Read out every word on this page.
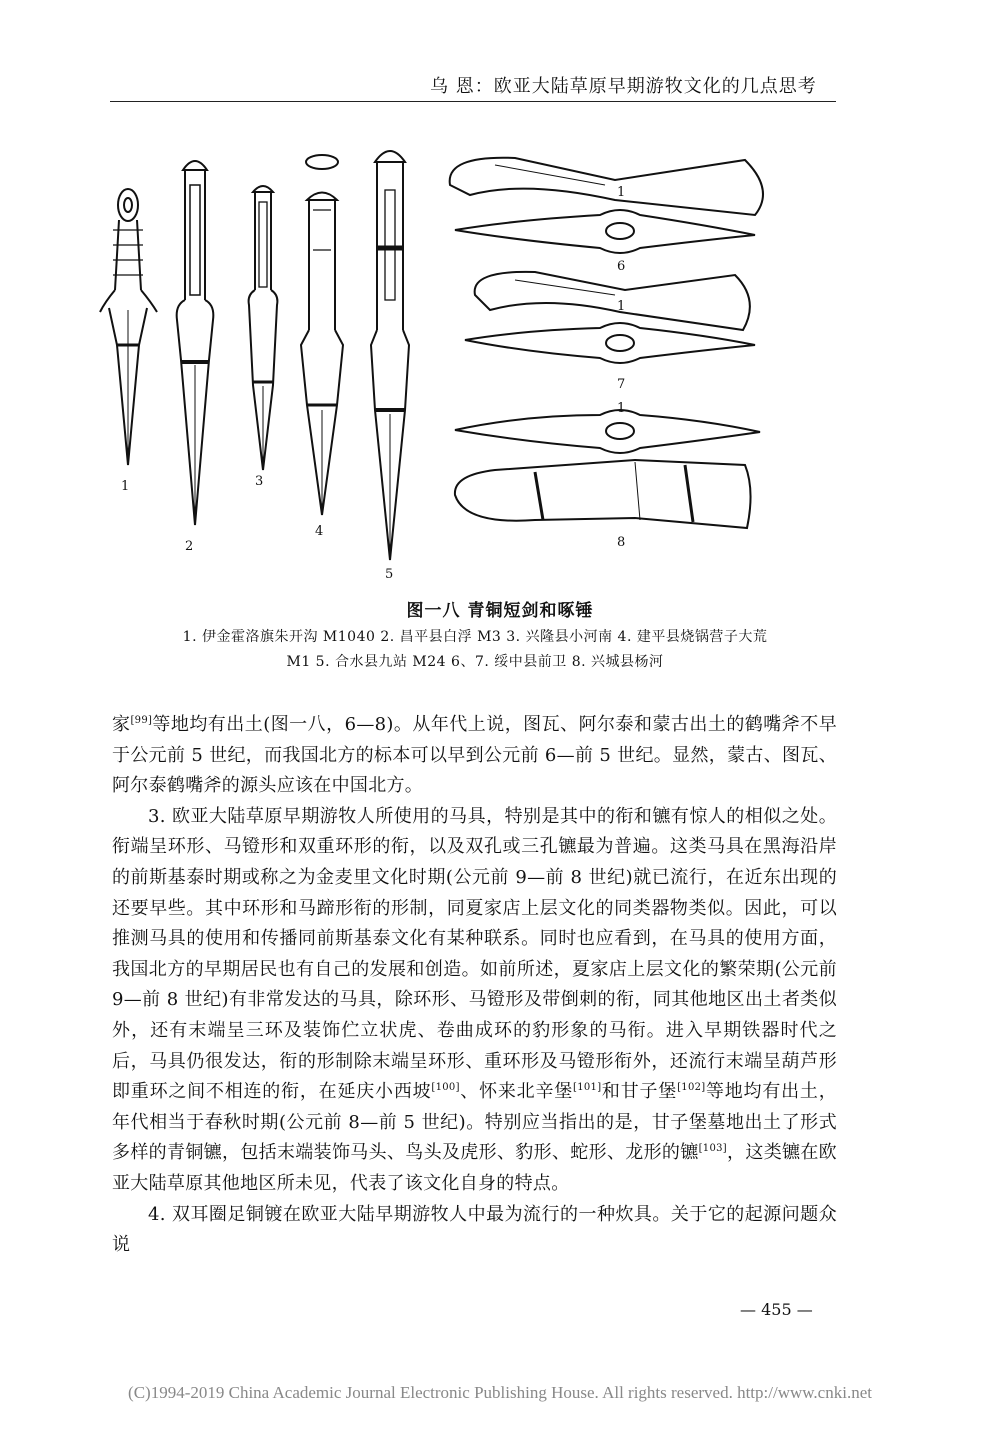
乌 恩：欧亚大陆草原早期游牧文化的几点思考
1
2
3
4
5
6
7
8
1
1
1
图一八 青铜短剑和啄锤
1. 伊金霍洛旗朱开沟 M1040 2. 昌平县白浮 M3 3. 兴隆县小河南 4. 建平县烧锅营子大荒
M1 5. 合水县九站 M24 6、7. 绥中县前卫 8. 兴城县杨河

家[99]等地均有出土(图一八，6—8)。从年代上说，图瓦、阿尔泰和蒙古出土的鹤嘴斧不早于公元前 5 世纪，而我国北方的标本可以早到公元前 6—前 5 世纪。显然，蒙古、图瓦、阿尔泰鹤嘴斧的源头应该在中国北方。

3. 欧亚大陆草原早期游牧人所使用的马具，特别是其中的衔和镳有惊人的相似之处。衔端呈环形、马镫形和双重环形的衔，以及双孔或三孔镳最为普遍。这类马具在黑海沿岸的前斯基泰时期或称之为金麦里文化时期(公元前 9—前 8 世纪)就已流行，在近东出现的还要早些。其中环形和马蹄形衔的形制，同夏家店上层文化的同类器物类似。因此，可以推测马具的使用和传播同前斯基泰文化有某种联系。同时也应看到，在马具的使用方面，我国北方的早期居民也有自己的发展和创造。如前所述，夏家店上层文化的繁荣期(公元前 9—前 8 世纪)有非常发达的马具，除环形、马镫形及带倒刺的衔，同其他地区出土者类似外，还有末端呈三环及装饰伫立状虎、卷曲成环的豹形象的马衔。进入早期铁器时代之后，马具仍很发达，衔的形制除末端呈环形、重环形及马镫形衔外，还流行末端呈葫芦形即重环之间不相连的衔，在延庆小西坡[100]、怀来北辛堡[101]和甘子堡[102]等地均有出土，年代相当于春秋时期(公元前 8—前 5 世纪)。特别应当指出的是，甘子堡墓地出土了形式多样的青铜镳，包括末端装饰马头、鸟头及虎形、豹形、蛇形、龙形的镳[103]，这类镳在欧亚大陆草原其他地区所未见，代表了该文化自身的特点。

4. 双耳圈足铜镀在欧亚大陆早期游牧人中最为流行的一种炊具。关于它的起源问题众说

— 455 —
(C)1994-2019 China Academic Journal Electronic Publishing House. All rights reserved. http://www.cnki.net
